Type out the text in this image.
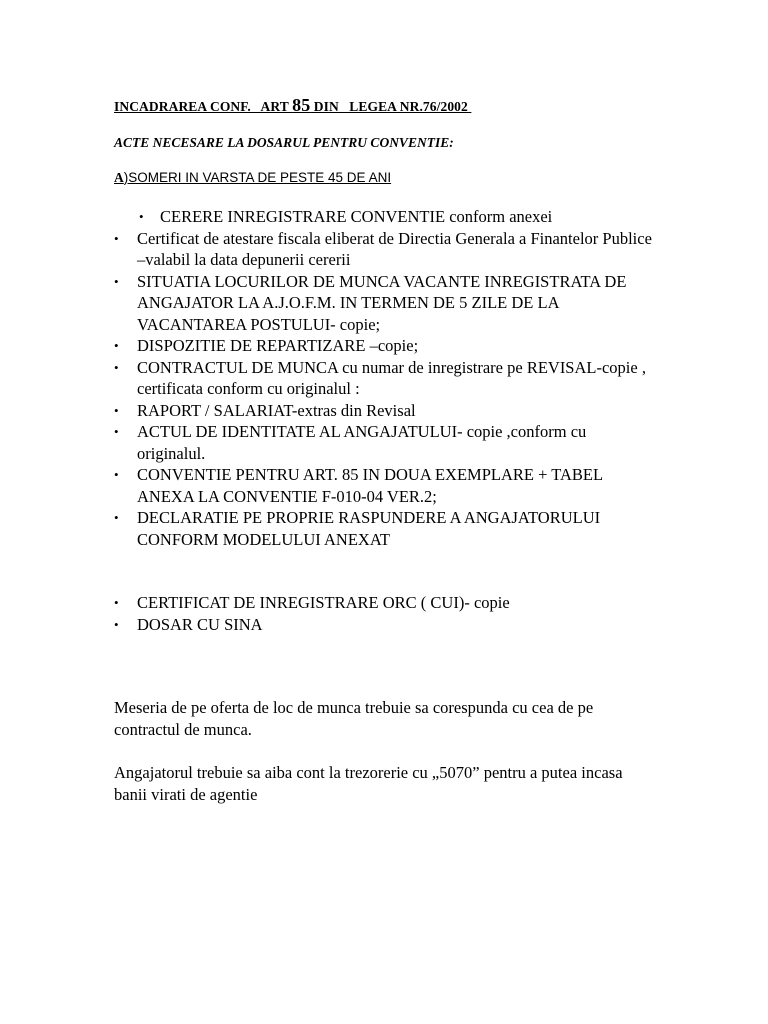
INCADRAREA CONF.   ART 85 DIN   LEGEA NR.76/2002
ACTE NECESARE LA DOSARUL PENTRU CONVENTIE:
A)SOMERI IN VARSTA DE PESTE 45 DE ANI
• CERERE INREGISTRARE CONVENTIE conform anexei
• Certificat de atestare fiscala eliberat de Directia Generala a Finantelor Publice –valabil la data depunerii cererii
• SITUATIA LOCURILOR DE MUNCA VACANTE INREGISTRATA DE ANGAJATOR LA A.J.O.F.M. IN TERMEN DE 5 ZILE DE LA VACANTAREA POSTULUI- copie;
• DISPOZITIE DE REPARTIZARE –copie;
• CONTRACTUL DE MUNCA cu numar de inregistrare pe REVISAL-copie , certificata conform cu originalul :
• RAPORT / SALARIAT-extras din Revisal
• ACTUL DE IDENTITATE AL ANGAJATULUI- copie ,conform cu originalul.
• CONVENTIE PENTRU ART. 85 IN DOUA EXEMPLARE + TABEL ANEXA LA CONVENTIE F-010-04 VER.2;
• DECLARATIE PE PROPRIE RASPUNDERE A ANGAJATORULUI CONFORM MODELULUI ANEXAT
• CERTIFICAT DE INREGISTRARE ORC ( CUI)- copie
• DOSAR CU SINA

Meseria de pe oferta de loc de munca trebuie sa corespunda cu cea de pe contractul de munca.

Angajatorul trebuie sa aiba cont la trezorerie cu „5070” pentru a putea incasa banii virati de agentie
